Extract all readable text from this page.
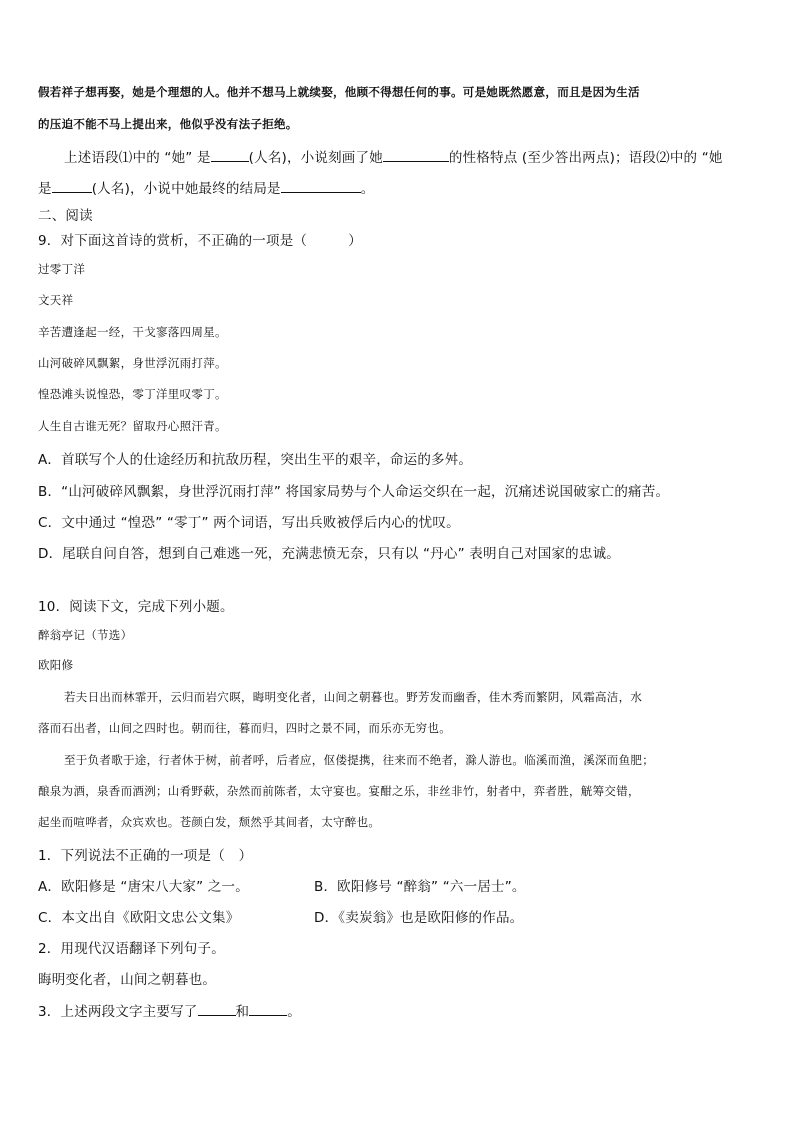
假若祥子想再娶，她是个理想的人。他并不想马上就续娶，他顾不得想任何的事。可是她既然愿意，而且是因为生活
的压迫不能不马上提出来，他似乎没有法子拒绝。
上述语段⑴中的 “她” 是	(人名)，小说刻画了她	的性格特点 (至少答出两点)；语段⑵中的 “她
是	(人名)，小说中她最终的结局是	。
二、阅读
9．对下面这首诗的赏析，不正确的一项是（　　　）
过零丁洋
文天祥
辛苦遭逢起一经，干戈寥落四周星。
山河破碎风飘絮，身世浮沉雨打萍。
惶恐滩头说惶恐，零丁洋里叹零丁。
人生自古谁无死？留取丹心照汗青。
A．首联写个人的仕途经历和抗敌历程，突出生平的艰辛，命运的多舛。
B．“山河破碎风飘絮，身世浮沉雨打萍” 将国家局势与个人命运交织在一起，沉痛述说国破家亡的痛苦。
C．文中通过 “惶恐” “零丁” 两个词语，写出兵败被俘后内心的忧叹。
D．尾联自问自答，想到自己难逃一死，充满悲愤无奈，只有以 “丹心” 表明自己对国家的忠诚。
10．阅读下文，完成下列小题。
醉翁亭记（节选）
欧阳修
若夫日出而林霏开，云归而岩穴暝，晦明变化者，山间之朝暮也。野芳发而幽香，佳木秀而繁阴，风霜高洁，水
落而石出者，山间之四时也。朝而往，暮而归，四时之景不同，而乐亦无穷也。
至于负者歌于途，行者休于树，前者呼，后者应，伛偻提携，往来而不绝者，滁人游也。临溪而渔，溪深而鱼肥；
酿泉为酒，泉香而酒洌；山肴野蔌，杂然而前陈者，太守宴也。宴酣之乐，非丝非竹，射者中，弈者胜，觥筹交错，
起坐而喧哗者，众宾欢也。苍颜白发，颓然乎其间者，太守醉也。
1．下列说法不正确的一项是（　）
A．欧阳修是 “唐宋八大家” 之一。	B．欧阳修号 “醉翁” “六一居士”。
C．本文出自《欧阳文忠公文集》	D．《卖炭翁》也是欧阳修的作品。
2．用现代汉语翻译下列句子。
晦明变化者，山间之朝暮也。
3．上述两段文字主要写了	和	。
